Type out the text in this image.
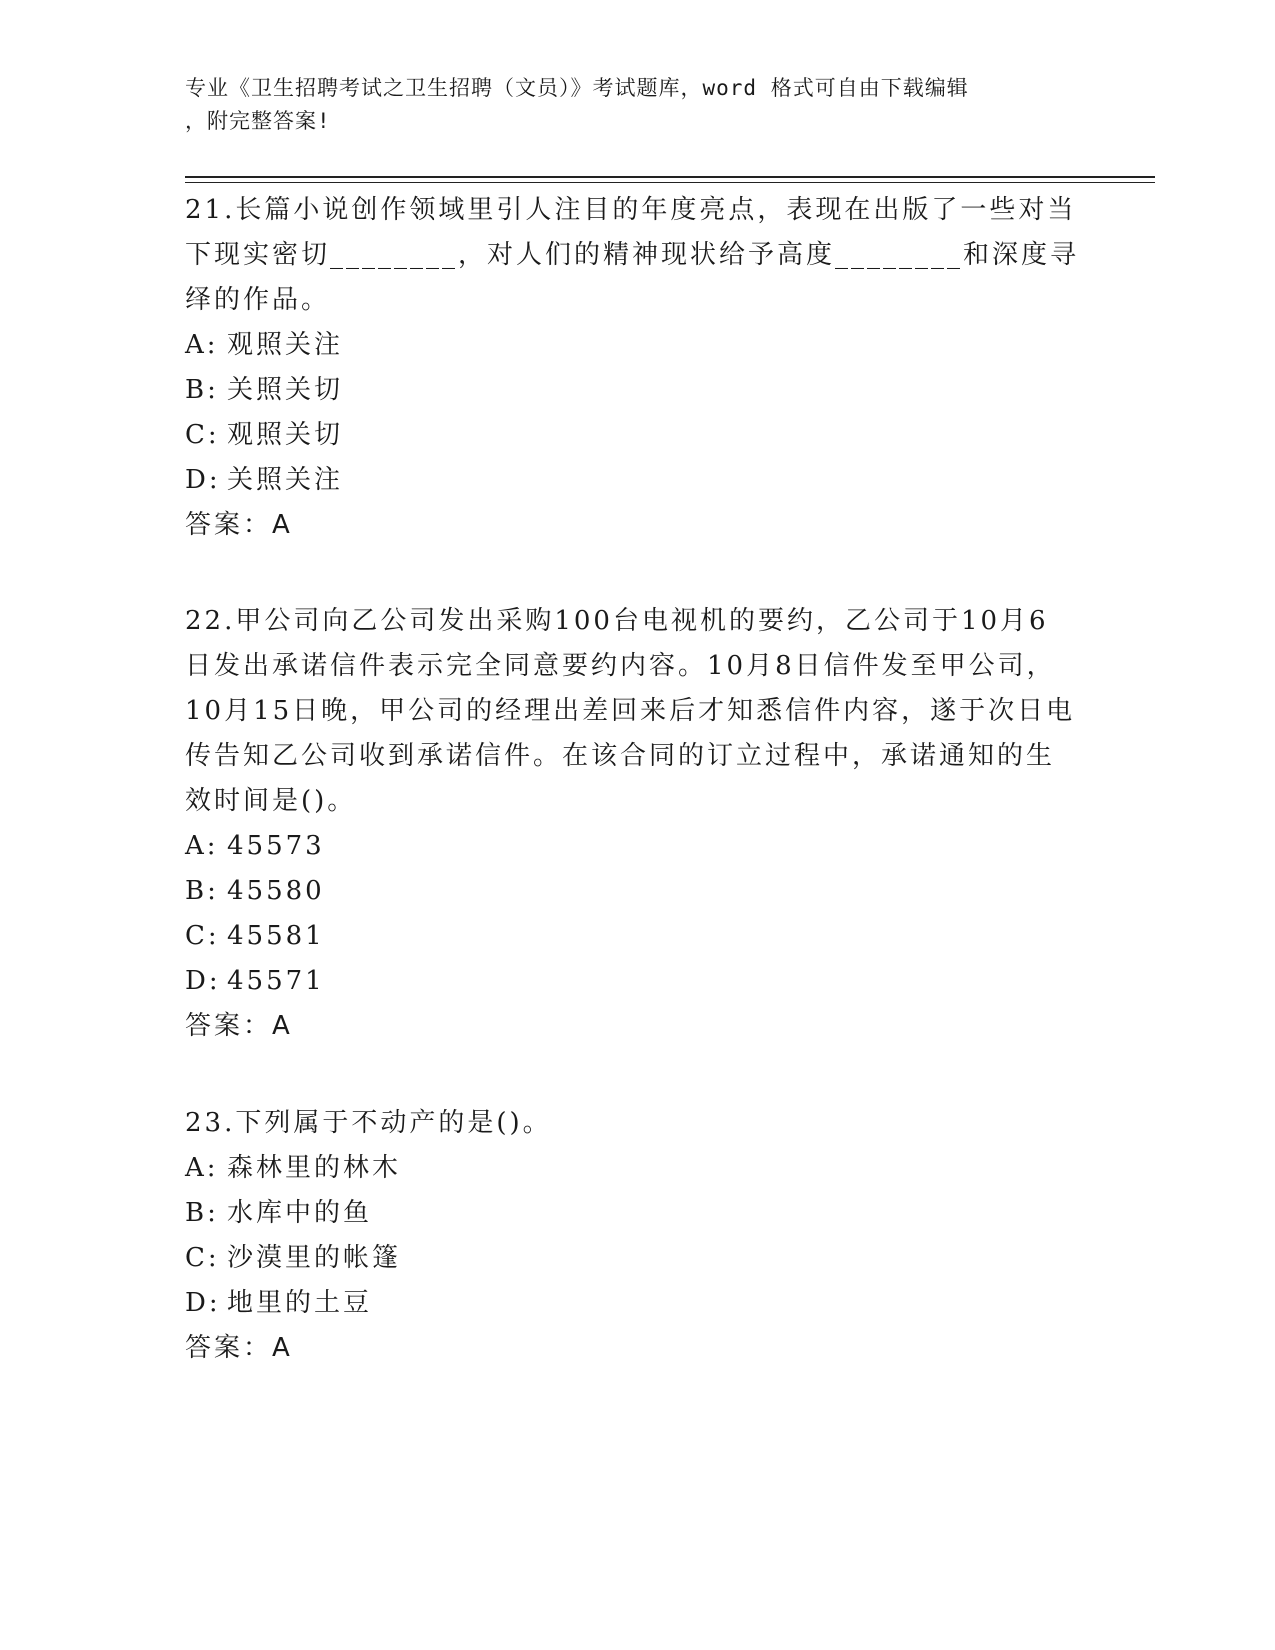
专业《卫生招聘考试之卫生招聘（文员）》考试题库，word 格式可自由下载编辑
，附完整答案!

21.长篇小说创作领域里引人注目的年度亮点，表现在出版了一些对当

下现实密切________，对人们的精神现状给予高度________和深度寻

绎的作品。

A: 观照关注

B: 关照关切

C: 观照关切

D: 关照关注

答案：A

22.甲公司向乙公司发出采购100台电视机的要约，乙公司于10月6

日发出承诺信件表示完全同意要约内容。10月8日信件发至甲公司，

10月15日晚，甲公司的经理出差回来后才知悉信件内容，遂于次日电

传告知乙公司收到承诺信件。在该合同的订立过程中，承诺通知的生

效时间是()。

A: 45573

B: 45580

C: 45581

D: 45571

答案：A

23.下列属于不动产的是()。

A: 森林里的林木

B: 水库中的鱼

C: 沙漠里的帐篷

D: 地里的土豆

答案：A
